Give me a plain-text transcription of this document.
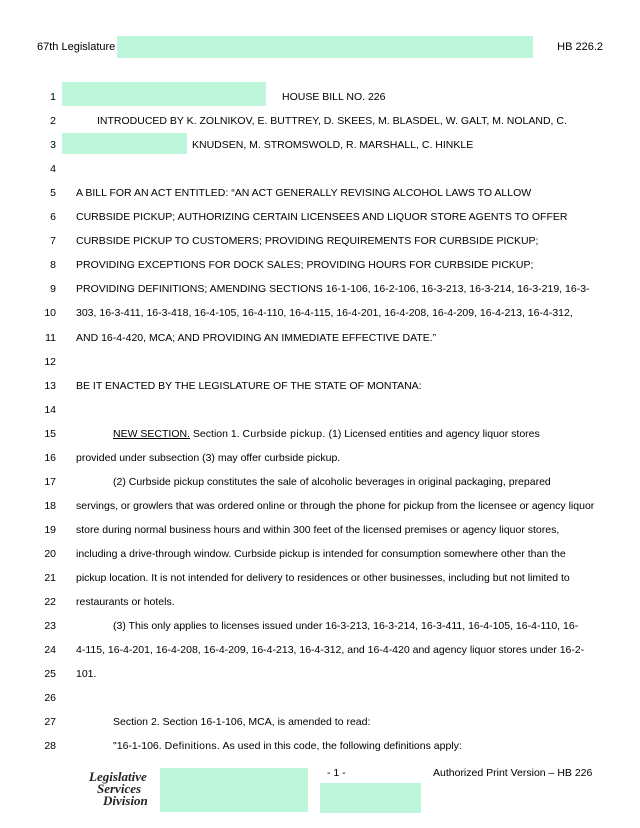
67th Legislature	HB 226.2
1	HOUSE BILL NO. 226
2	INTRODUCED BY K. ZOLNIKOV, E. BUTTREY, D. SKEES, M. BLASDEL, W. GALT, M. NOLAND, C.
3	KNUDSEN, M. STROMSWOLD, R. MARSHALL, C. HINKLE
4
5 A BILL FOR AN ACT ENTITLED: “AN ACT GENERALLY REVISING ALCOHOL LAWS TO ALLOW
6 CURBSIDE PICKUP; AUTHORIZING CERTAIN LICENSEES AND LIQUOR STORE AGENTS TO OFFER
7 CURBSIDE PICKUP TO CUSTOMERS; PROVIDING REQUIREMENTS FOR CURBSIDE PICKUP;
8 PROVIDING EXCEPTIONS FOR DOCK SALES; PROVIDING HOURS FOR CURBSIDE PICKUP;
9 PROVIDING DEFINITIONS; AMENDING SECTIONS 16-1-106, 16-2-106, 16-3-213, 16-3-214, 16-3-219, 16-3-
10 303, 16-3-411, 16-3-418, 16-4-105, 16-4-110, 16-4-115, 16-4-201, 16-4-208, 16-4-209, 16-4-213, 16-4-312,
11 AND 16-4-420, MCA; AND PROVIDING AN IMMEDIATE EFFECTIVE DATE.”
12
13 BE IT ENACTED BY THE LEGISLATURE OF THE STATE OF MONTANA:
14
15	NEW SECTION. Section 1. Curbside pickup. (1) Licensed entities and agency liquor stores
16 provided under subsection (3) may offer curbside pickup.
17	(2) Curbside pickup constitutes the sale of alcoholic beverages in original packaging, prepared
18 servings, or growlers that was ordered online or through the phone for pickup from the licensee or agency liquor
19 store during normal business hours and within 300 feet of the licensed premises or agency liquor stores,
20 including a drive-through window. Curbside pickup is intended for consumption somewhere other than the
21 pickup location. It is not intended for delivery to residences or other businesses, including but not limited to
22 restaurants or hotels.
23	(3) This only applies to licenses issued under 16-3-213, 16-3-214, 16-3-411, 16-4-105, 16-4-110, 16-
24 4-115, 16-4-201, 16-4-208, 16-4-209, 16-4-213, 16-4-312, and 16-4-420 and agency liquor stores under 16-2-
25 101.
26
27	Section 2. Section 16-1-106, MCA, is amended to read:
28	"16-1-106. Definitions. As used in this code, the following definitions apply:
Legislative
Services
Division
- 1 -	Authorized Print Version – HB 226
